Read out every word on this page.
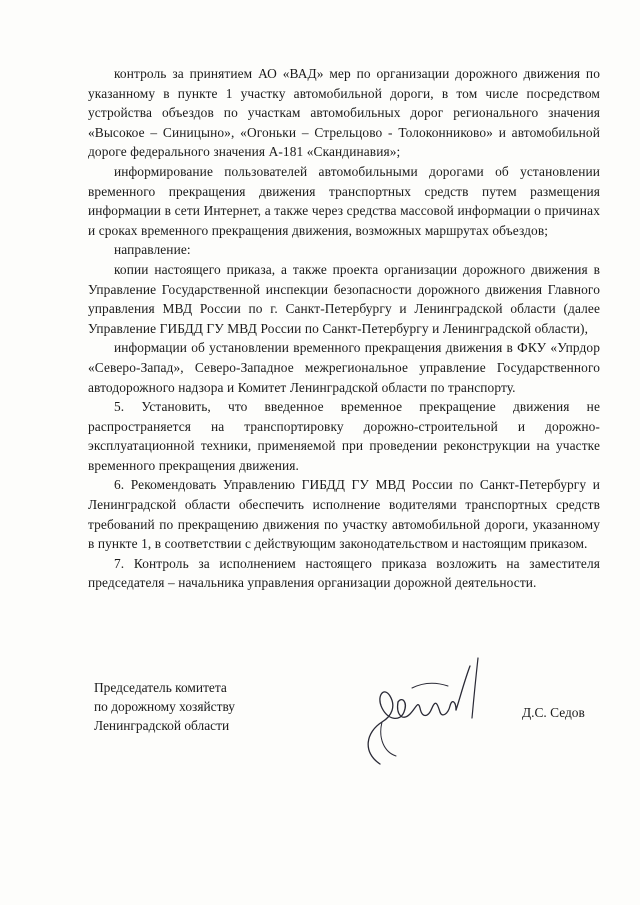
контроль за принятием АО «ВАД» мер по организации дорожного движения по указанному в пункте 1 участку автомобильной дороги, в том числе посредством устройства объездов по участкам автомобильных дорог регионального значения «Высокое – Синицыно», «Огоньки – Стрельцово - Толоконниково» и автомобильной дороге федерального значения А-181 «Скандинавия»;

информирование пользователей автомобильными дорогами об установлении временного прекращения движения транспортных средств путем размещения информации в сети Интернет, а также через средства массовой информации о причинах и сроках временного прекращения движения, возможных маршрутах объездов;

направление:

копии настоящего приказа, а также проекта организации дорожного движения в Управление Государственной инспекции безопасности дорожного движения Главного управления МВД России по г. Санкт-Петербургу и Ленинградской области (далее Управление ГИБДД ГУ МВД России по Санкт-Петербургу и Ленинградской области),

информации об установлении временного прекращения движения в ФКУ «Упрдор «Северо-Запад», Северо-Западное межрегиональное управление Государственного автодорожного надзора и Комитет Ленинградской области по транспорту.

5. Установить, что введенное временное прекращение движения не распространяется на транспортировку дорожно-строительной и дорожно-эксплуатационной техники, применяемой при проведении реконструкции на участке временного прекращения движения.

6. Рекомендовать Управлению ГИБДД ГУ МВД России по Санкт-Петербургу и Ленинградской области обеспечить исполнение водителями транспортных средств требований по прекращению движения по участку автомобильной дороги, указанному в пункте 1, в соответствии с действующим законодательством и настоящим приказом.

7. Контроль за исполнением настоящего приказа возложить на заместителя председателя – начальника управления организации дорожной деятельности.

Председатель комитета
по дорожному хозяйству
Ленинградской области
Д.С. Седов
